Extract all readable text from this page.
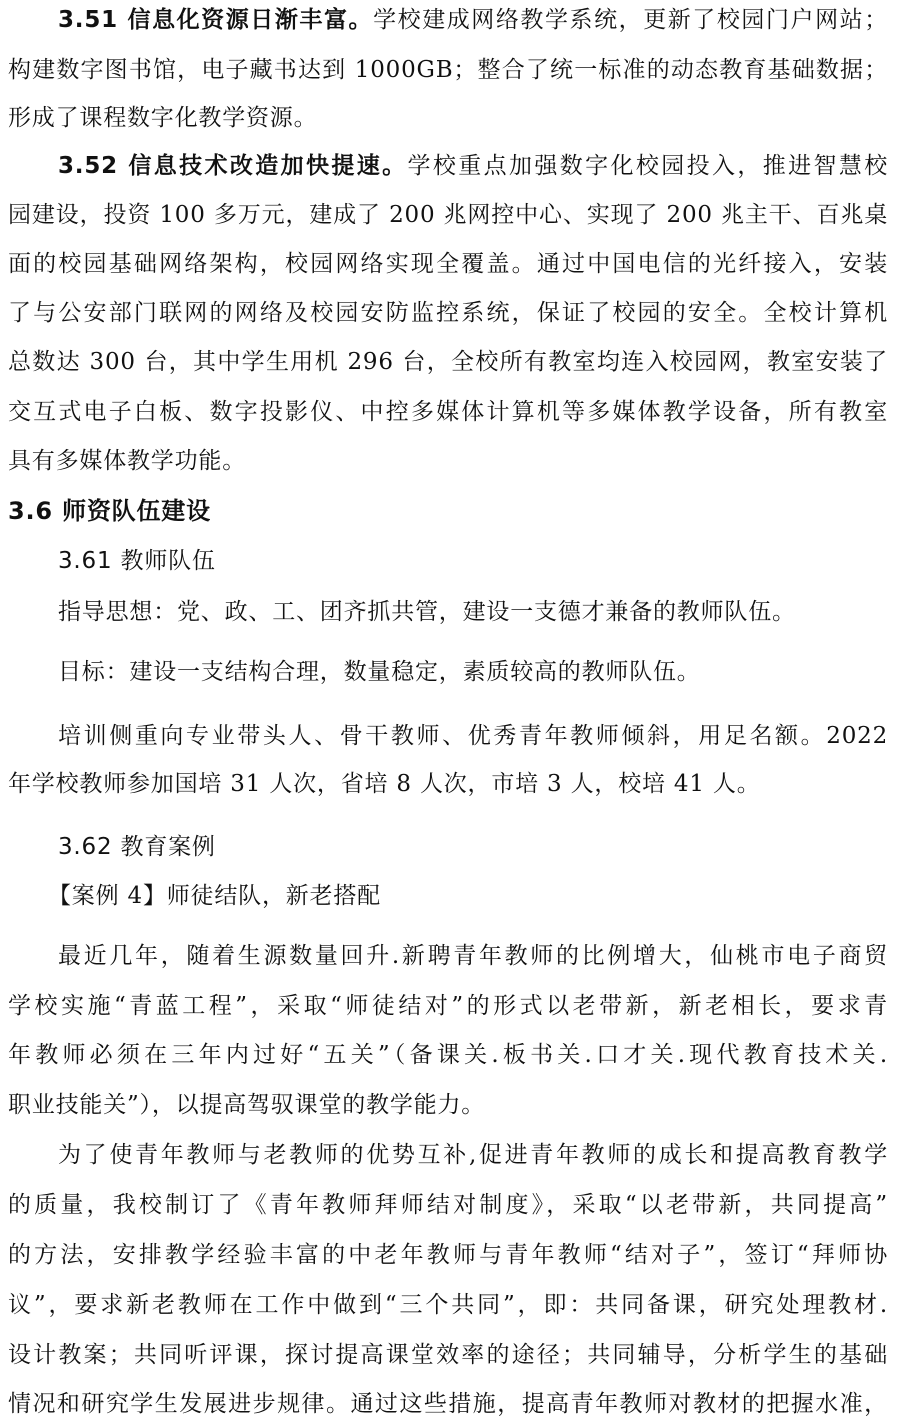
3.51 信息化资源日渐丰富。学校建成网络教学系统，更新了校园门户网站；
构建数字图书馆，电子藏书达到 1000GB；整合了统一标准的动态教育基础数据；
形成了课程数字化教学资源。
3.52 信息技术改造加快提速。学校重点加强数字化校园投入，推进智慧校
园建设，投资 100 多万元，建成了 200 兆网控中心、实现了 200 兆主干、百兆桌
面的校园基础网络架构，校园网络实现全覆盖。通过中国电信的光纤接入，安装
了与公安部门联网的网络及校园安防监控系统，保证了校园的安全。全校计算机
总数达 300 台，其中学生用机 296 台，全校所有教室均连入校园网，教室安装了
交互式电子白板、数字投影仪、中控多媒体计算机等多媒体教学设备，所有教室
具有多媒体教学功能。
3.6 师资队伍建设
3.61 教师队伍
指导思想：党、政、工、团齐抓共管，建设一支德才兼备的教师队伍。
目标：建设一支结构合理，数量稳定，素质较高的教师队伍。
培训侧重向专业带头人、骨干教师、优秀青年教师倾斜，用足名额。2022
年学校教师参加国培 31 人次，省培 8 人次，市培 3 人，校培 41 人。
3.62 教育案例
【案例 4】师徒结队，新老搭配
最近几年，随着生源数量回升.新聘青年教师的比例增大，仙桃市电子商贸
学校实施“青蓝工程”，采取“师徒结对”的形式以老带新，新老相长，要求青
年教师必须在三年内过好“五关”（备课关.板书关.口才关.现代教育技术关.
职业技能关”），以提高驾驭课堂的教学能力。
为了使青年教师与老教师的优势互补,促进青年教师的成长和提高教育教学
的质量，我校制订了《青年教师拜师结对制度》，采取“以老带新，共同提高”
的方法，安排教学经验丰富的中老年教师与青年教师“结对子”，签订“拜师协
议”，要求新老教师在工作中做到“三个共同”，即：共同备课，研究处理教材.
设计教案；共同听评课，探讨提高课堂效率的途径；共同辅导，分析学生的基础
情况和研究学生发展进步规律。通过这些措施，提高青年教师对教材的把握水准，
